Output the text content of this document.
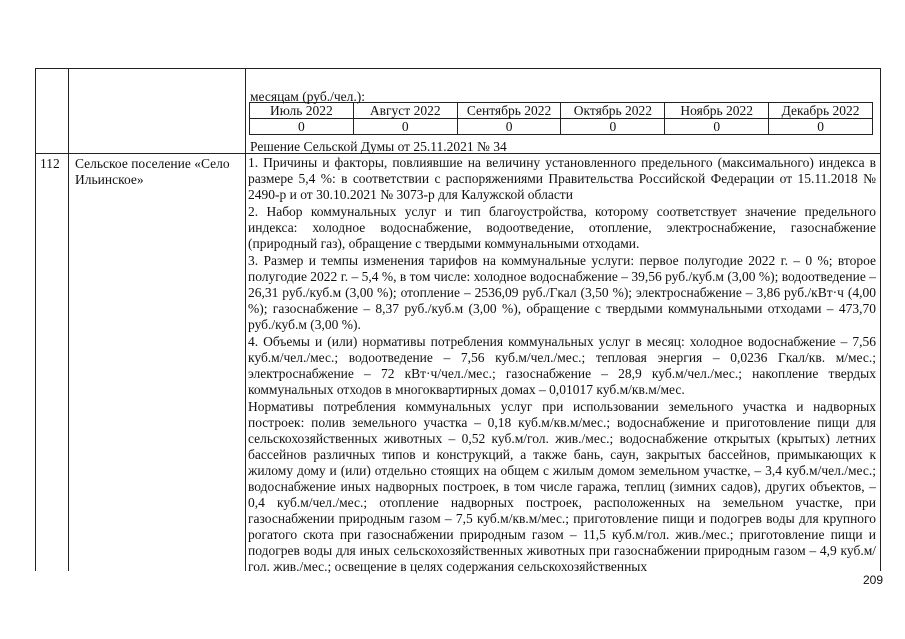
месяцам (руб./чел.):
Июль 2022	Август 2022	Сентябрь 2022	Октябрь 2022	Ноябрь 2022	Декабрь 2022
0	0	0	0	0	0
Решение Сельской Думы от 25.11.2021 № 34
112 Сельское поселение «Село Ильинское»

1. Причины и факторы, повлиявшие на величину установленного предельного (максимального) индекса в размере 5,4 %: в соответствии с распоряжениями Правительства Российской Федерации от 15.11.2018 № 2490-р и от 30.10.2021 № 3073-р для Калужской области

2. Набор коммунальных услуг и тип благоустройства, которому соответствует значение предельного индекса: холодное водоснабжение, водоотведение, отопление, электроснабжение, газоснабжение (природный газ), обращение с твердыми коммунальными отходами.

3. Размер и темпы изменения тарифов на коммунальные услуги: первое полугодие 2022 г. – 0 %; второе полугодие 2022 г. – 5,4 %, в том числе: холодное водоснабжение – 39,56 руб./куб.м (3,00 %); водоотведение – 26,31 руб./куб.м (3,00 %); отопление – 2536,09 руб./Гкал (3,50 %); электроснабжение – 3,86 руб./кВт·ч (4,00 %); газоснабжение – 8,37 руб./куб.м (3,00 %), обращение с твердыми коммунальными отходами – 473,70 руб./куб.м (3,00 %).

4. Объемы и (или) нормативы потребления коммунальных услуг в месяц: холодное водоснабжение – 7,56 куб.м/чел./мес.; водоотведение – 7,56 куб.м/чел./мес.; тепловая энергия – 0,0236 Гкал/кв. м/мес.; электроснабжение – 72 кВт·ч/чел./мес.; газоснабжение – 28,9 куб.м/чел./мес.; накопление твердых коммунальных отходов в многоквартирных домах – 0,01017 куб.м/кв.м/мес.

Нормативы потребления коммунальных услуг при использовании земельного участка и надворных построек: полив земельного участка – 0,18 куб.м/кв.м/мес.; водоснабжение и приготовление пищи для сельскохозяйственных животных – 0,52 куб.м/гол. жив./мес.; водоснабжение открытых (крытых) летних бассейнов различных типов и конструкций, а также бань, саун, закрытых бассейнов, примыкающих к жилому дому и (или) отдельно стоящих на общем с жилым домом земельном участке, – 3,4 куб.м/чел./мес.; водоснабжение иных надворных построек, в том числе гаража, теплиц (зимних садов), других объектов, – 0,4 куб.м/чел./мес.; отопление надворных построек, расположенных на земельном участке, при газоснабжении природным газом – 7,5 куб.м/кв.м/мес.; приготовление пищи и подогрев воды для крупного рогатого скота при газоснабжении природным газом – 11,5 куб.м/гол. жив./мес.; приготовление пищи и подогрев воды для иных сельскохозяйственных животных при газоснабжении природным газом – 4,9 куб.м/гол. жив./мес.; освещение в целях содержания сельскохозяйственных

209
